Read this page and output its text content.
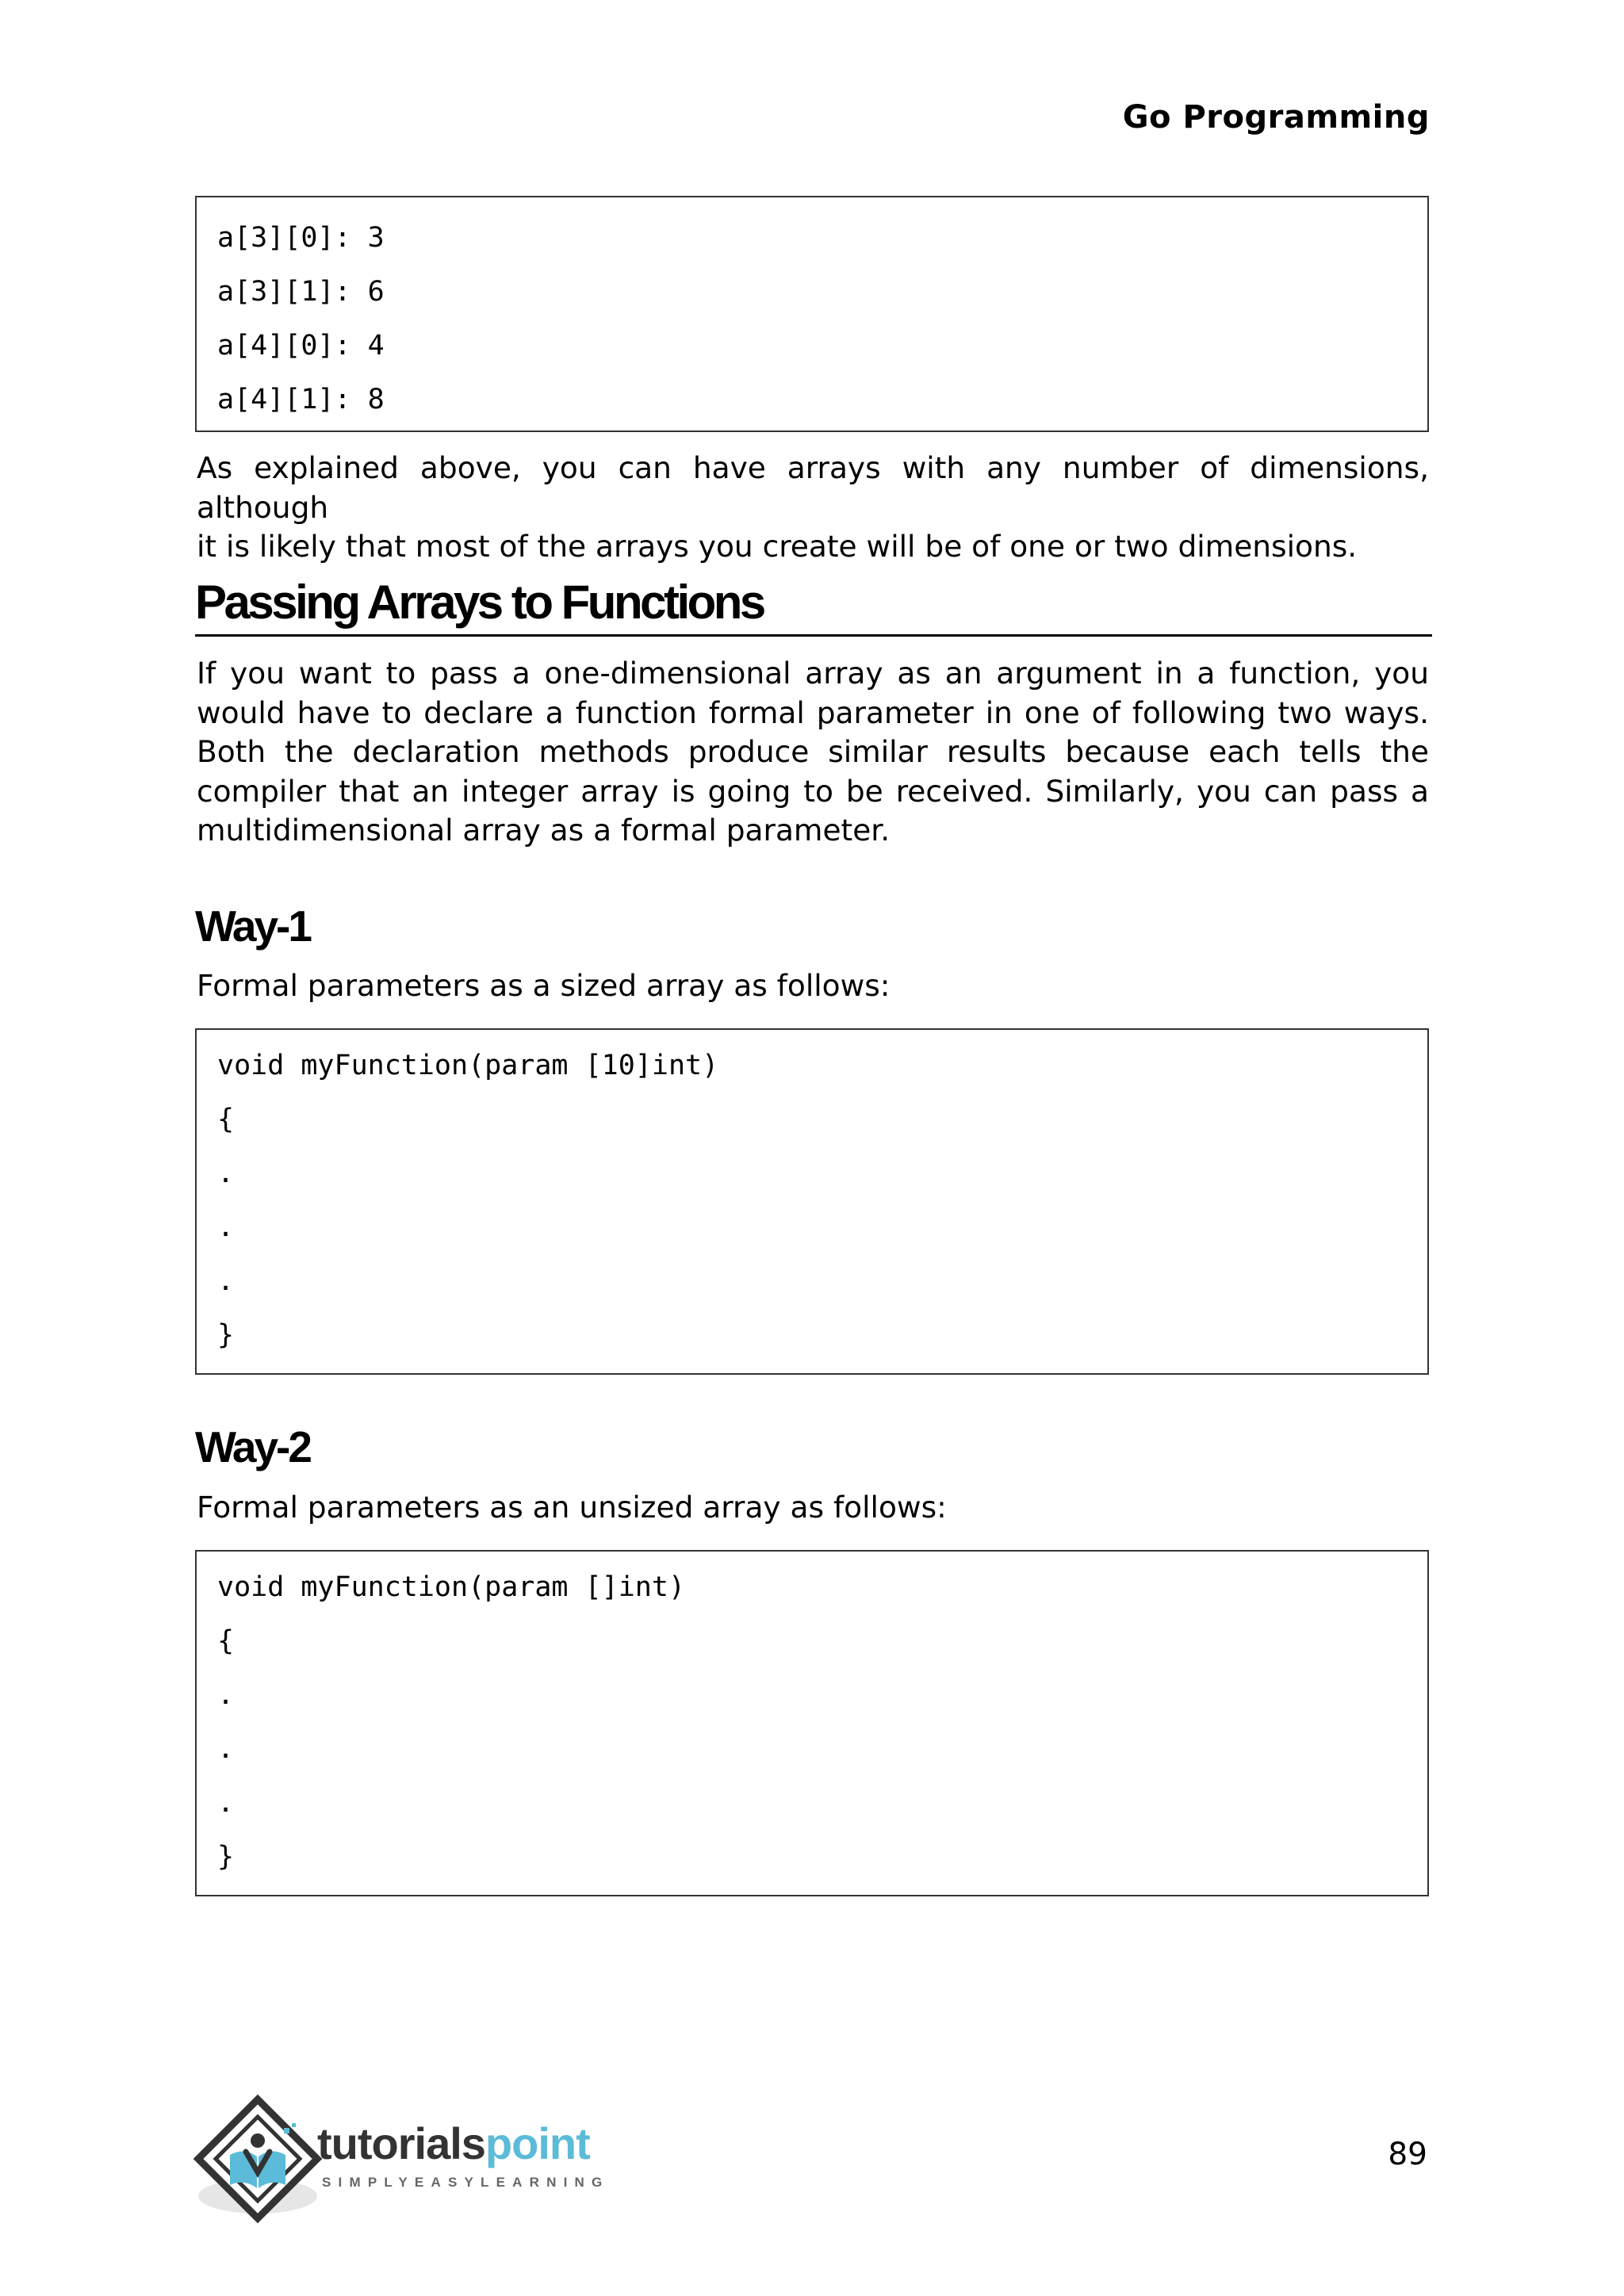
Go Programming
a[3][0]: 3
a[3][1]: 6
a[4][0]: 4
a[4][1]: 8
As explained above, you can have arrays with any number of dimensions, although
it is likely that most of the arrays you create will be of one or two dimensions.
Passing Arrays to Functions
If you want to pass a one-dimensional array as an argument in a function, you
would have to declare a function formal parameter in one of following two ways.
Both the declaration methods produce similar results because each tells the
compiler that an integer array is going to be received. Similarly, you can pass a
multidimensional array as a formal parameter.
Way-1
Formal parameters as a sized array as follows:
void myFunction(param [10]int)
{
.
.
.
}
Way-2
Formal parameters as an unsized array as follows:
void myFunction(param []int)
{
.
.
.
}
tutorialspoint
SIMPLYEASYLEARNING
89
